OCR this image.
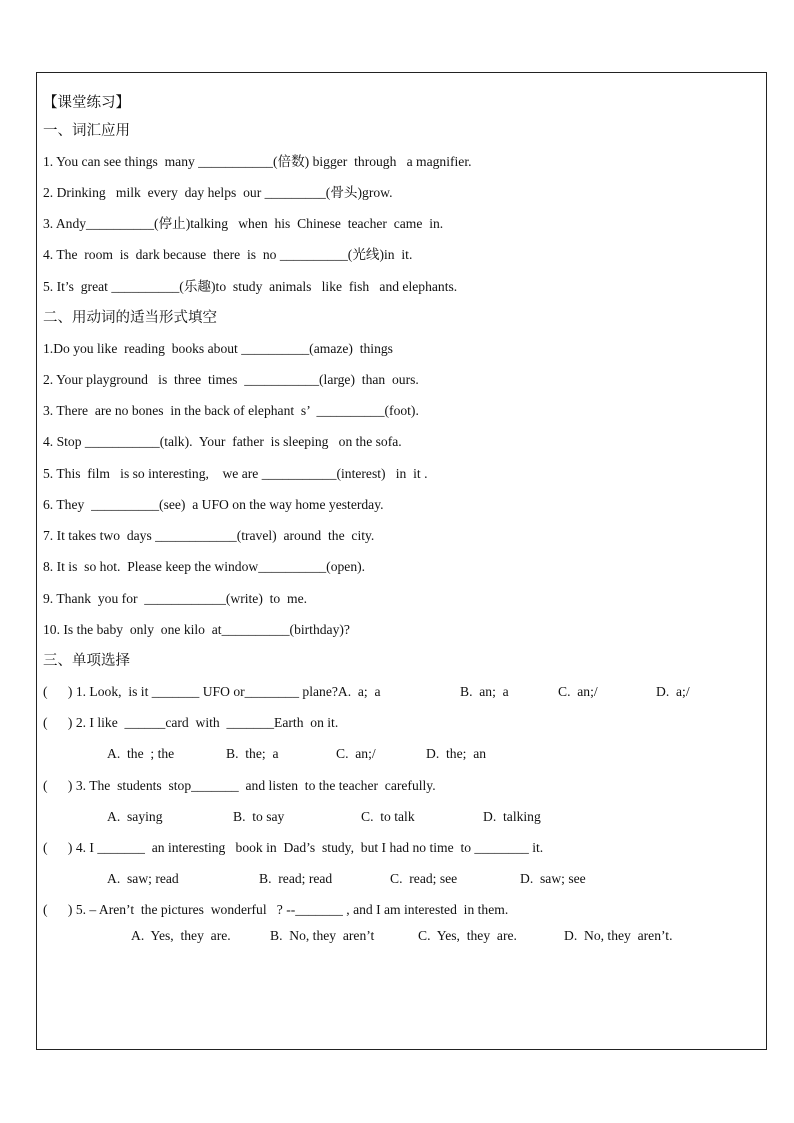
【课堂练习】
一、词汇应用
1. You can see things  many ___________(倍数) bigger  through   a magnifier.
2. Drinking   milk  every  day helps  our _________(骨头)grow.
3. Andy__________(停止)talking   when  his  Chinese  teacher  came  in.
4. The  room  is  dark because  there  is  no __________(光线)in  it.
5. It’s  great __________(乐趣)to  study  animals   like  fish   and elephants.
二、用动词的适当形式填空
1.Do you like  reading  books about __________(amaze)  things
2. Your playground   is  three  times  ___________(large)  than  ours.
3. There  are no bones  in the back of elephant  s’  __________(foot).
4. Stop ___________(talk).  Your  father  is sleeping   on the sofa.
5. This  film   is so interesting,    we are ___________(interest)   in  it .
6. They  __________(see)  a UFO on the way home yesterday.
7. It takes two  days ____________(travel)  around  the  city.
8. It is  so hot.  Please keep the window__________(open).
9. Thank  you for  ____________(write)  to  me.
10. Is the baby  only  one kilo  at__________(birthday)?
三、单项选择
(      ) 1. Look,  is it _______ UFO or________ plane?A.  a;  a	B.  an;  a	C.  an;/	D.  a;/
(      ) 2. I like  ______card  with  _______Earth  on it.
A.  the  ; the	B.  the;  a	C.  an;/	D.  the;  an
(      ) 3. The  students  stop_______  and listen  to the teacher  carefully.
A.  saying	B.  to say	C.  to talk	D.  talking
(      ) 4. I _______  an interesting   book in  Dad’s  study,  but I had no time  to ________ it.
A.  saw; read	B.  read; read	C.  read; see	D.  saw; see
(      ) 5. – Aren’t  the pictures  wonderful   ? --_______ , and I am interested  in them.
A.  Yes,  they  are.	B.  No, they  aren’t	C.  Yes,  they  are.	D.  No, they  aren’t.
